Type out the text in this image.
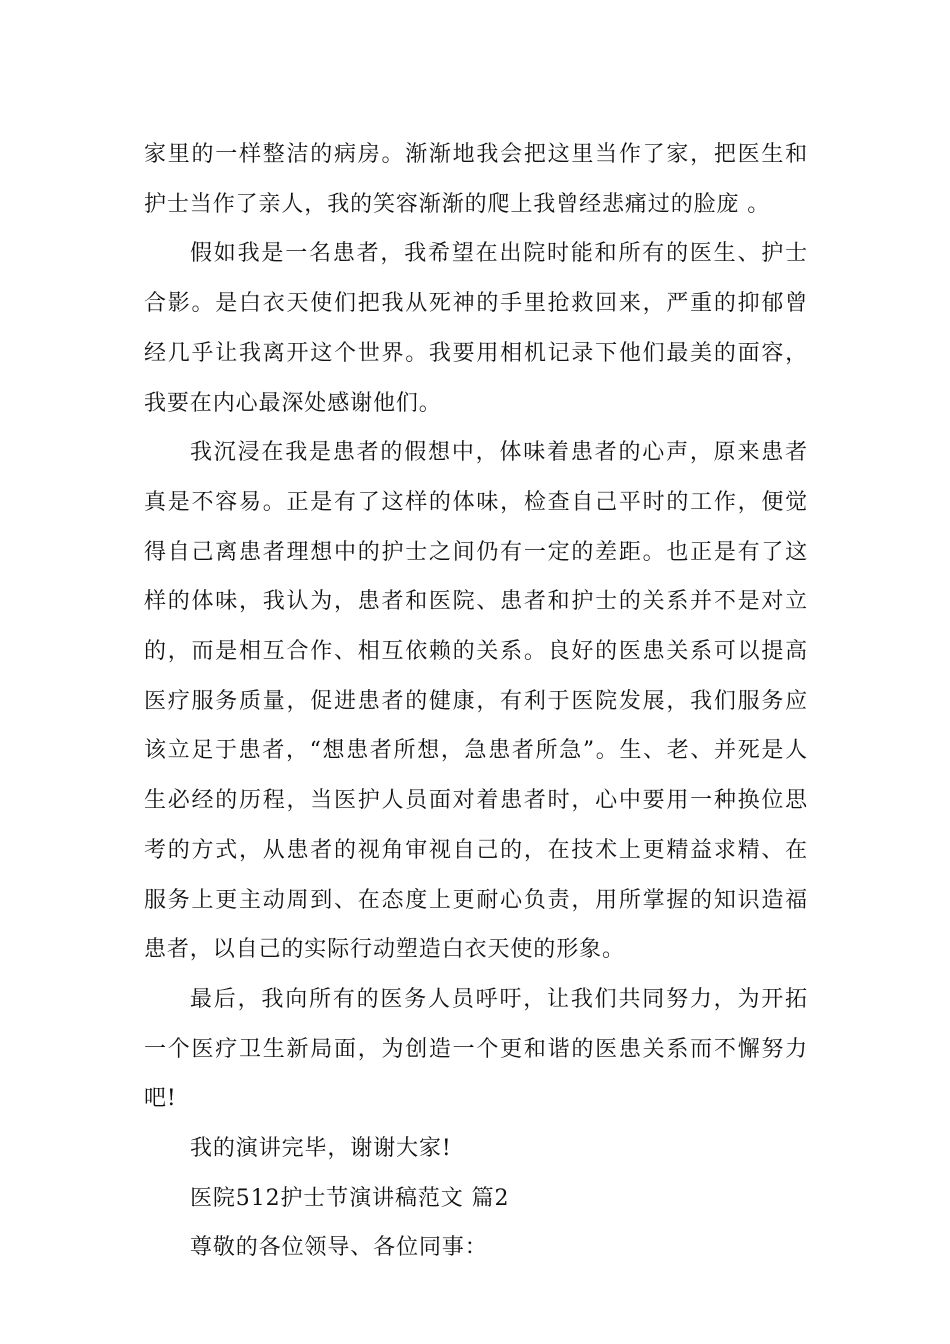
家里的一样整洁的病房。渐渐地我会把这里当作了家，把医生和护士当作了亲人，我的笑容渐渐的爬上我曾经悲痛过的脸庞 。

假如我是一名患者，我希望在出院时能和所有的医生、护士合影。是白衣天使们把我从死神的手里抢救回来，严重的抑郁曾经几乎让我离开这个世界。我要用相机记录下他们最美的面容，我要在内心最深处感谢他们。

我沉浸在我是患者的假想中，体味着患者的心声，原来患者真是不容易。正是有了这样的体味，检查自己平时的工作，便觉得自己离患者理想中的护士之间仍有一定的差距。也正是有了这样的体味，我认为，患者和医院、患者和护士的关系并不是对立的，而是相互合作、相互依赖的关系。良好的医患关系可以提高医疗服务质量，促进患者的健康，有利于医院发展，我们服务应该立足于患者，“想患者所想，急患者所急”。生、老、并死是人生必经的历程，当医护人员面对着患者时，心中要用一种换位思考的方式，从患者的视角审视自己的，在技术上更精益求精、在服务上更主动周到、在态度上更耐心负责，用所掌握的知识造福患者，以自己的实际行动塑造白衣天使的形象。

最后，我向所有的医务人员呼吁，让我们共同努力，为开拓一个医疗卫生新局面，为创造一个更和谐的医患关系而不懈努力吧!

我的演讲完毕，谢谢大家!

医院512护士节演讲稿范文 篇2

尊敬的各位领导、各位同事：
